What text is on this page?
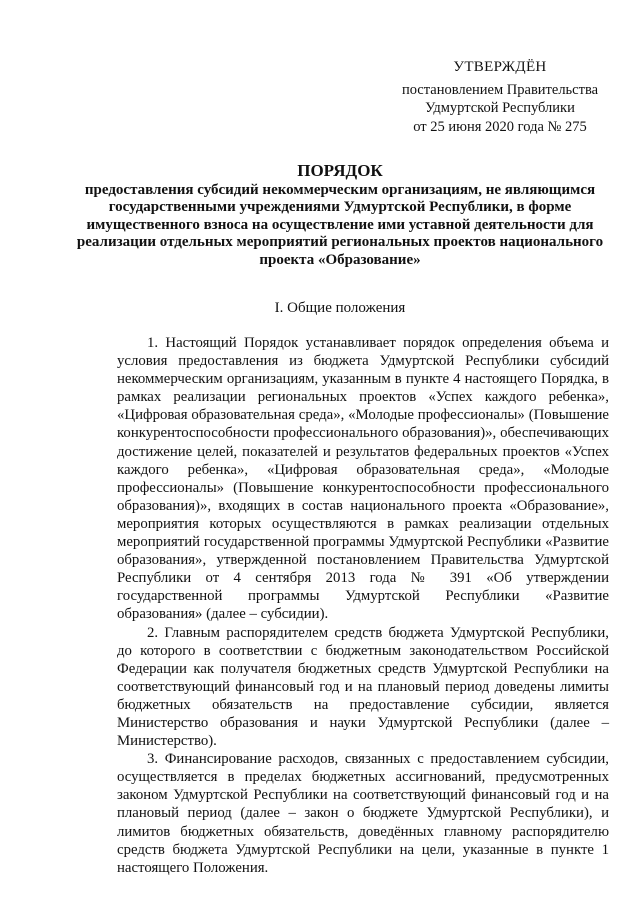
УТВЕРЖДЁН
постановлением Правительства
Удмуртской Республики
от 25 июня 2020 года № 275
ПОРЯДОК
предоставления субсидий некоммерческим организациям, не являющимся государственными учреждениями Удмуртской Республики, в форме имущественного взноса на осуществление ими уставной деятельности для реализации отдельных мероприятий региональных проектов национального проекта «Образование»
I. Общие положения

1. Настоящий Порядок устанавливает порядок определения объема и условия предоставления из бюджета Удмуртской Республики субсидий некоммерческим организациям, указанным в пункте 4 настоящего Порядка, в рамках реализации региональных проектов «Успех каждого ребенка», «Цифровая образовательная среда», «Молодые профессионалы» (Повышение конкурентоспособности профессионального образования)», обеспечивающих достижение целей, показателей и результатов федеральных проектов «Успех каждого ребенка», «Цифровая образовательная среда», «Молодые профессионалы» (Повышение конкурентоспособности профессионального образования)», входящих в состав национального проекта «Образование», мероприятия которых осуществляются в рамках реализации отдельных мероприятий государственной программы Удмуртской Республики «Развитие образования», утвержденной постановлением Правительства Удмуртской Республики от 4 сентября 2013 года № 391 «Об утверждении государственной программы Удмуртской Республики «Развитие образования» (далее – субсидии).

2. Главным распорядителем средств бюджета Удмуртской Республики, до которого в соответствии с бюджетным законодательством Российской Федерации как получателя бюджетных средств Удмуртской Республики на соответствующий финансовый год и на плановый период доведены лимиты бюджетных обязательств на предоставление субсидии, является Министерство образования и науки Удмуртской Республики (далее – Министерство).

3. Финансирование расходов, связанных с предоставлением субсидии, осуществляется в пределах бюджетных ассигнований, предусмотренных законом Удмуртской Республики на соответствующий финансовый год и на плановый период (далее – закон о бюджете Удмуртской Республики), и лимитов бюджетных обязательств, доведённых главному распорядителю средств бюджета Удмуртской Республики на цели, указанные в пункте 1 настоящего Положения.
